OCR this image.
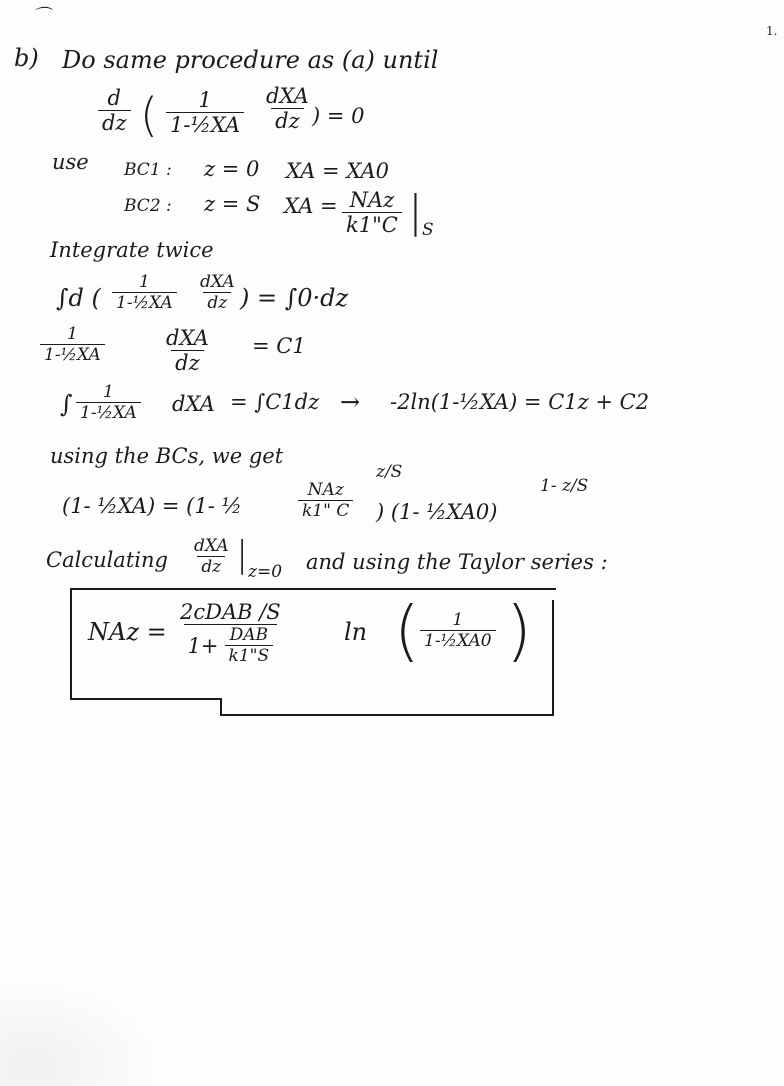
⌒
1.
b) Do same procedure as (a) until
$\frac{d}{dz}$ ( $\frac{1}{\text{1-½XA}}$ dXA
dz ) = 0
use BC1 : z = 0 XA = XA0
BC2 : z = S XA = NAz
k1"C | S
Integrate twice
∫d ( $\frac{1}{\text{1-½XA}}$ dXA
dz ) = ∫0·dz
$\frac{1}{\text{1-½XA}}$	dXA
dz
= C1
∫ $\frac{1}{\text{1-½XA}}$ dXA = ∫C1dz → -2ln(1-½XA) = C1z + C2
using the BCs, we get
(1- ½XA) = (1- ½
NAz
k1" C
z/S
) (1- ½XA0)
1- z/S
Calculating
dXA
dz | z=0 and using the Taylor series :
NAz =
2cDAB /S
$1+ \frac{\text{DAB}}{k1"S}$	ln ( $\frac{1}{\text{1-½XA0}}$ )
